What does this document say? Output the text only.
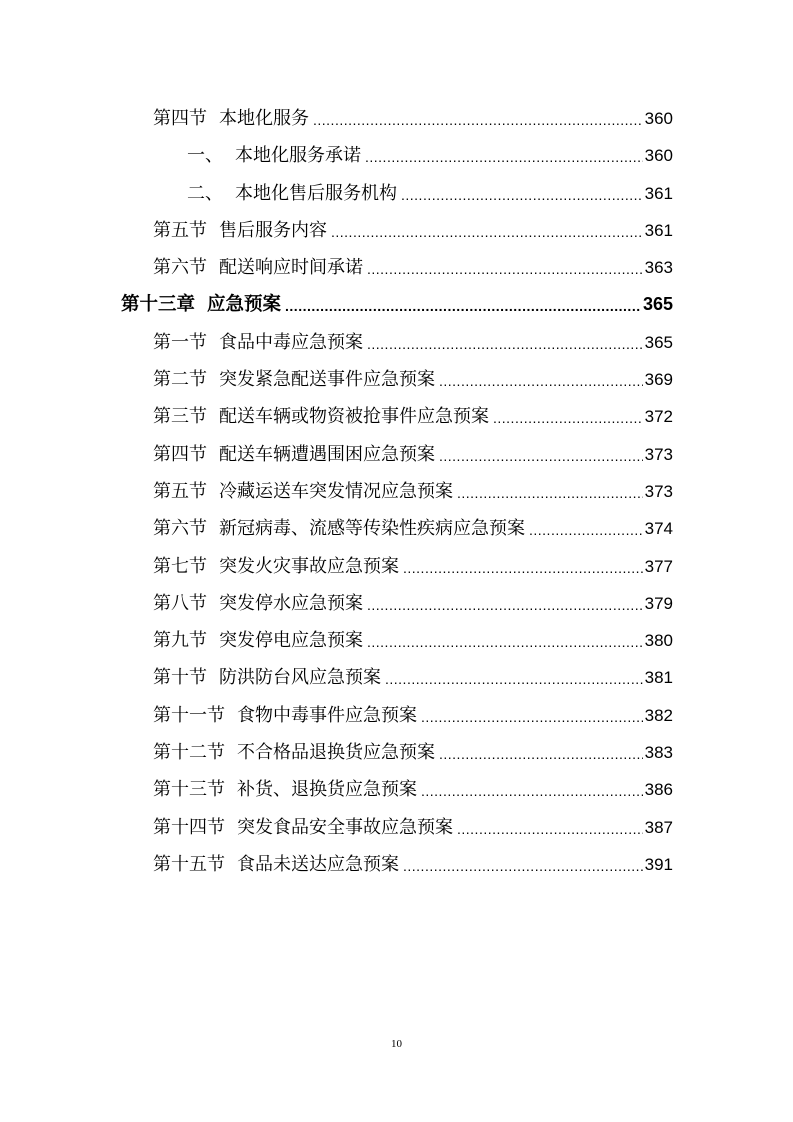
第四节 本地化服务 .....	360
一、 本地化服务承诺 .....	360
二、 本地化售后服务机构 .....	361
第五节 售后服务内容 .....	361
第六节 配送响应时间承诺 .....	363
第十三章 应急预案 .....	365
第一节 食品中毒应急预案 .....	365
第二节 突发紧急配送事件应急预案 .....	369
第三节 配送车辆或物资被抢事件应急预案 .....	372
第四节 配送车辆遭遇围困应急预案 .....	373
第五节 冷藏运送车突发情况应急预案 .....	373
第六节 新冠病毒、流感等传染性疾病应急预案 .....	374
第七节 突发火灾事故应急预案 .....	377
第八节 突发停水应急预案 .....	379
第九节 突发停电应急预案 .....	380
第十节 防洪防台风应急预案 .....	381
第十一节 食物中毒事件应急预案 .....	382
第十二节 不合格品退换货应急预案 .....	383
第十三节 补货、退换货应急预案 .....	386
第十四节 突发食品安全事故应急预案 .....	387
第十五节 食品未送达应急预案 .....	391
10
